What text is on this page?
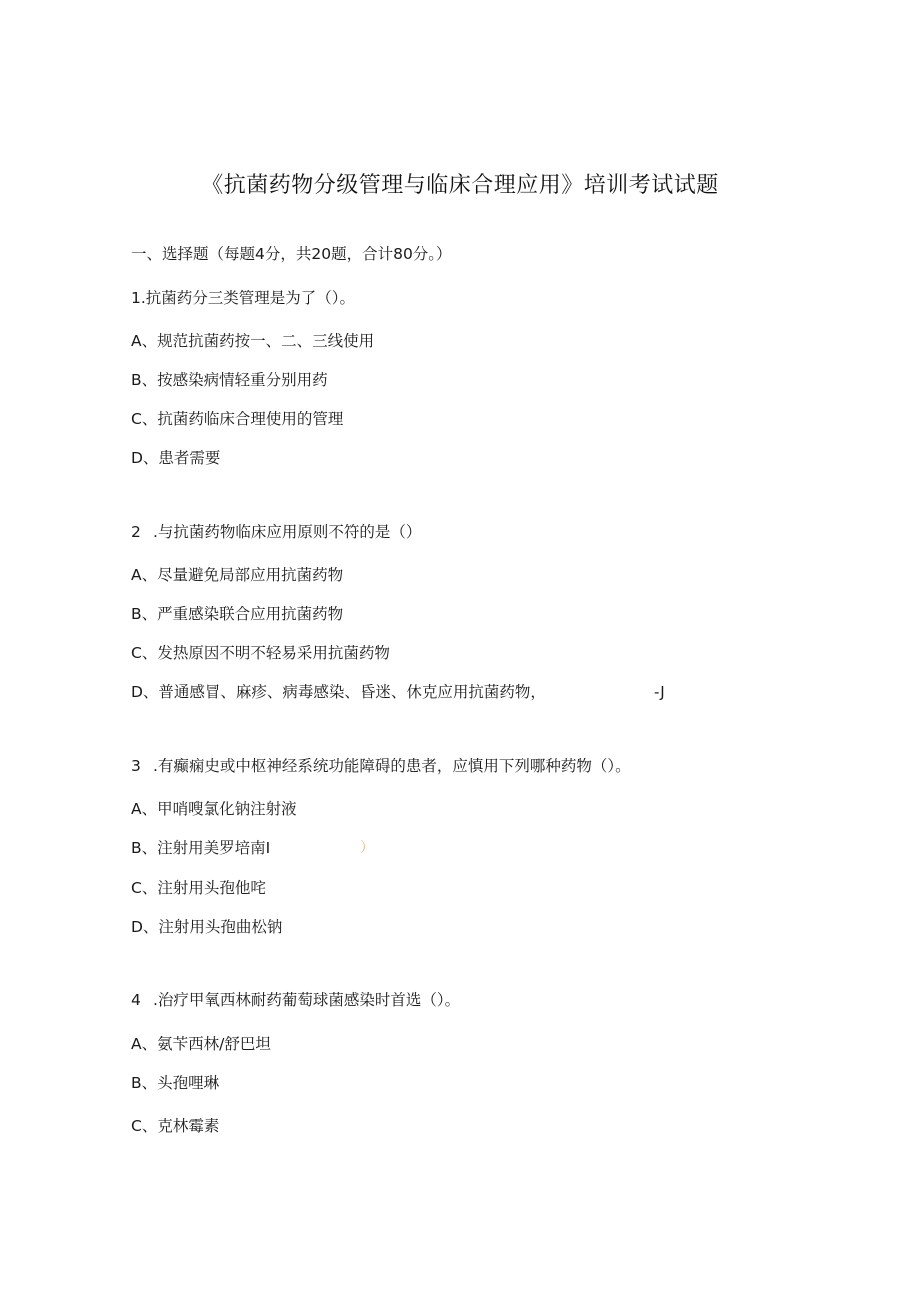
《抗菌药物分级管理与临床合理应用》培训考试试题
一、选择题（每题4分，共20题，合计80分。）
1.抗菌药分三类管理是为了（）。
A、规范抗菌药按一、二、三线使用
B、按感染病情轻重分别用药
C、抗菌药临床合理使用的管理
D、患者需要
2 .与抗菌药物临床应用原则不符的是（）
A、尽量避免局部应用抗菌药物
B、严重感染联合应用抗菌药物
C、发热原因不明不轻易采用抗菌药物
D、普通感冒、麻疹、病毒感染、昏迷、休克应用抗菌药物，	-J
3 .有癫痫史或中枢神经系统功能障碍的患者，应慎用下列哪种药物（）。
A、甲哨嗖氯化钠注射液
B、注射用美罗培南I	）
C、注射用头孢他咤
D、注射用头孢曲松钠
4 .治疗甲氧西林耐药葡萄球菌感染时首选（）。
A、氨苄西林/舒巴坦
B、头孢哩琳
C、克林霉素
